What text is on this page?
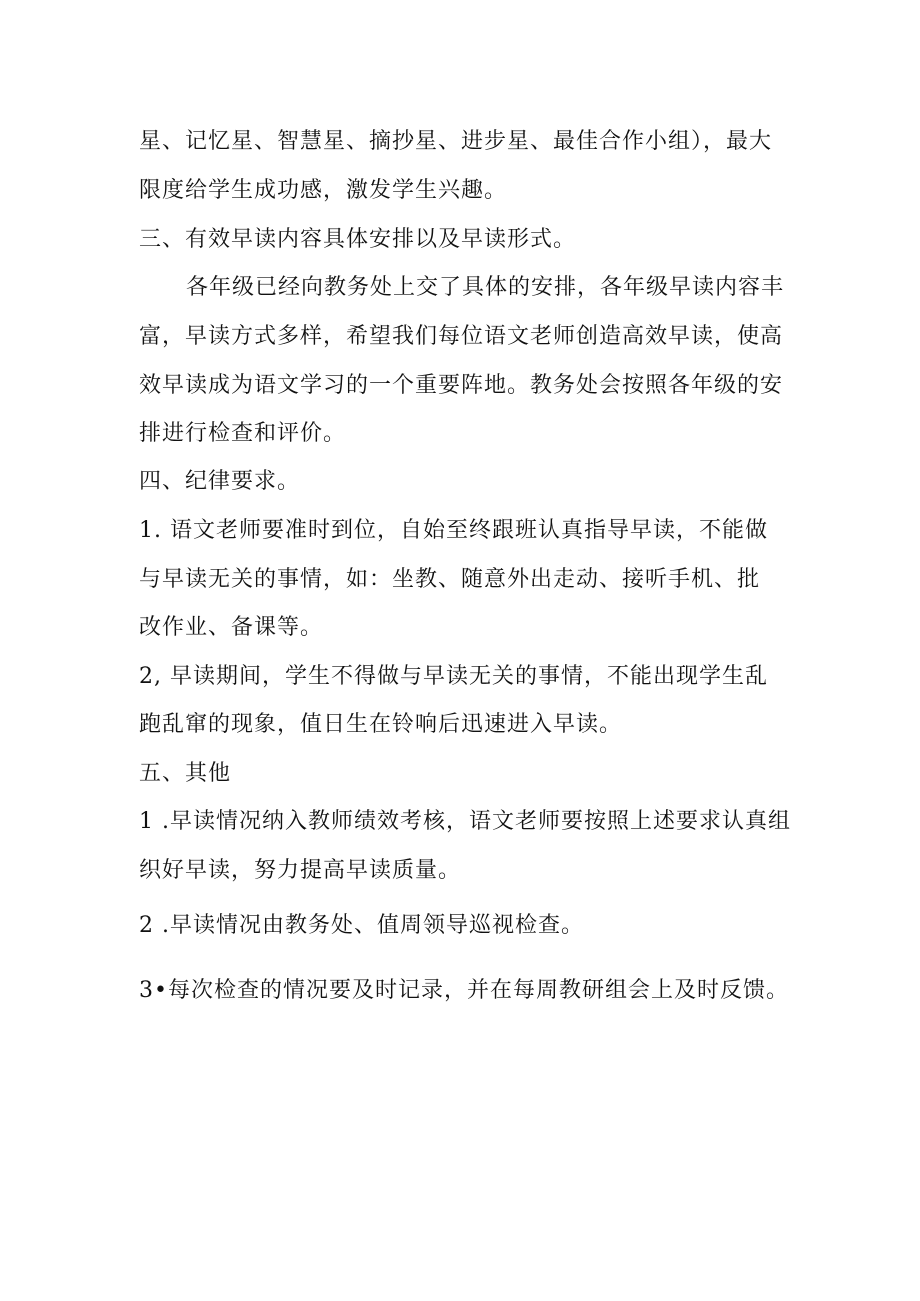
星、记忆星、智慧星、摘抄星、进步星、最佳合作小组），最大

限度给学生成功感，激发学生兴趣。

三、有效早读内容具体安排以及早读形式。

各年级已经向教务处上交了具体的安排，各年级早读内容丰

富，早读方式多样，希望我们每位语文老师创造高效早读，使高

效早读成为语文学习的一个重要阵地。教务处会按照各年级的安

排进行检查和评价。

四、纪律要求。

1. 语文老师要准时到位，自始至终跟班认真指导早读，不能做

与早读无关的事情，如：坐教、随意外出走动、接听手机、批

改作业、备课等。

2, 早读期间，学生不得做与早读无关的事情，不能出现学生乱

跑乱窜的现象，值日生在铃响后迅速进入早读。

五、其他

1 .早读情况纳入教师绩效考核，语文老师要按照上述要求认真组

织好早读，努力提高早读质量。

2 .早读情况由教务处、值周领导巡视检查。

3•每次检查的情况要及时记录，并在每周教研组会上及时反馈。
